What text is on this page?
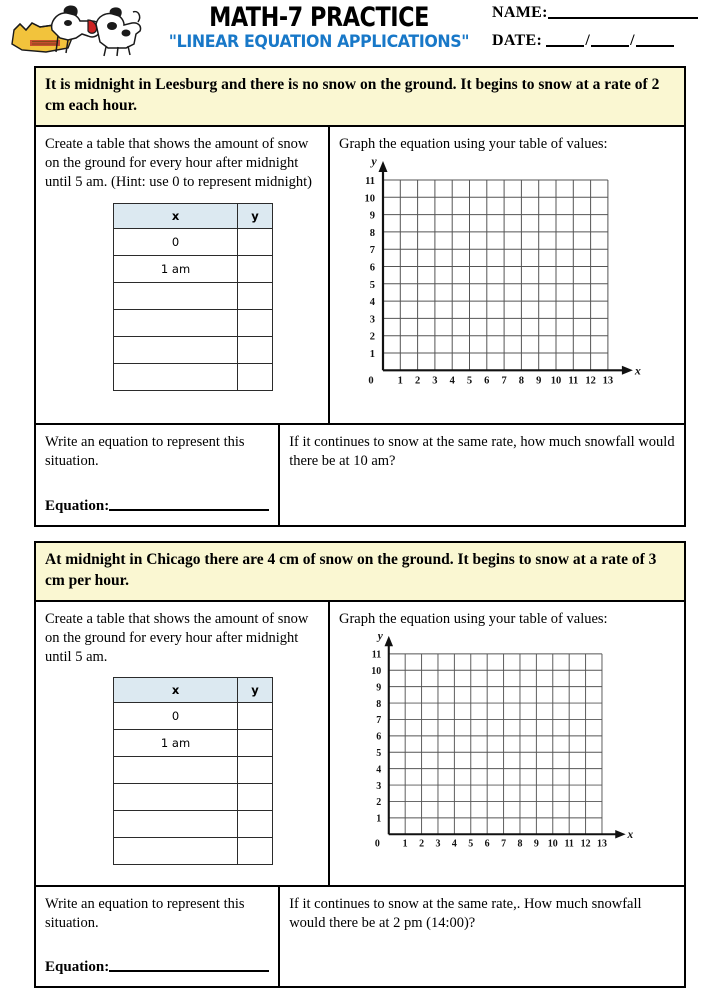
MATH-7 PRACTICE
"LINEAR EQUATION APPLICATIONS"
NAME:
DATE:	/	/
It is midnight in Leesburg and there is no snow on the ground. It begins to snow at a rate of 2 cm each hour.
Create a table that shows the amount of snow on the ground for every hour after midnight until 5 am. (Hint: use 0 to represent midnight)
x	y
0	
1 am	

Graph the equation using your table of values:
y
x
0 1 2 3 4 5 6 7 8 9 10 11 12 13
1
2
3
4
5
6
7
8
9
10
11
Write an equation to represent this situation.
Equation:
If it continues to snow at the same rate, how much snowfall would there be at 10 am?
At midnight in Chicago there are 4 cm of snow on the ground. It begins to snow at a rate of 3 cm per hour.
Create a table that shows the amount of snow on the ground for every hour after midnight until 5 am.
x	y
0	
1 am	

Graph the equation using your table of values:
y
x
0 1 2 3 4 5 6 7 8 9 10 11 12 13
1
2
3
4
5
6
7
8
9
10
11
Write an equation to represent this situation.
Equation:
If it continues to snow at the same rate,. How much snowfall would there be at 2 pm (14:00)?
